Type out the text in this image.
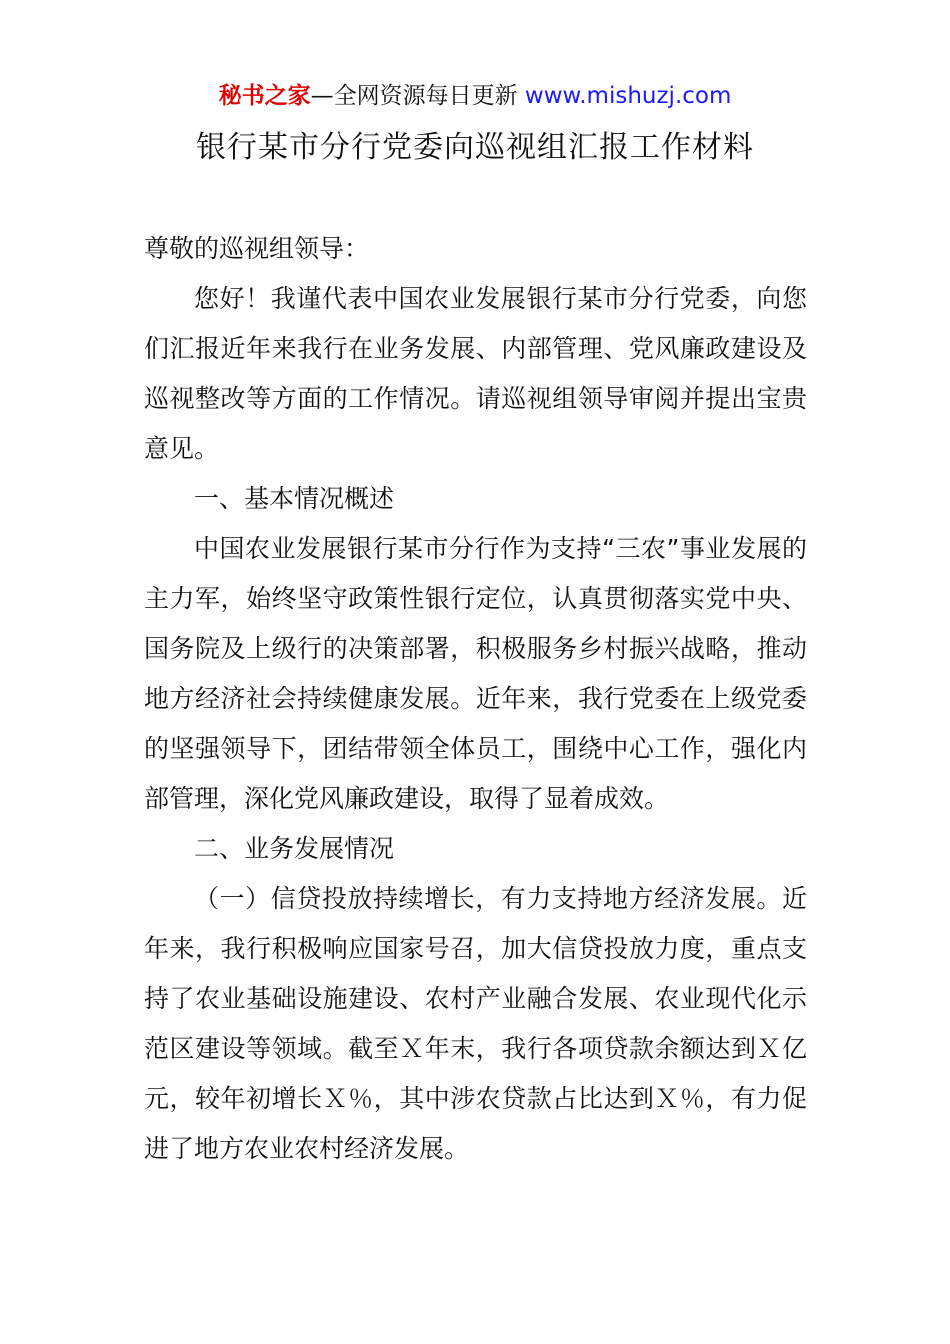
秘书之家—全网资源每日更新 www.mishuzj.com
银行某市分行党委向巡视组汇报工作材料

尊敬的巡视组领导：

您好！我谨代表中国农业发展银行某市分行党委，向您们汇报近年来我行在业务发展、内部管理、党风廉政建设及巡视整改等方面的工作情况。请巡视组领导审阅并提出宝贵意见。

一、基本情况概述

中国农业发展银行某市分行作为支持“三农”事业发展的主力军，始终坚守政策性银行定位，认真贯彻落实党中央、国务院及上级行的决策部署，积极服务乡村振兴战略，推动地方经济社会持续健康发展。近年来，我行党委在上级党委的坚强领导下，团结带领全体员工，围绕中心工作，强化内部管理，深化党风廉政建设，取得了显着成效。

二、业务发展情况

（一）信贷投放持续增长，有力支持地方经济发展。近年来，我行积极响应国家号召，加大信贷投放力度，重点支持了农业基础设施建设、农村产业融合发展、农业现代化示范区建设等领域。截至Ｘ年末，我行各项贷款余额达到Ｘ亿元，较年初增长Ｘ％，其中涉农贷款占比达到Ｘ％，有力促进了地方农业农村经济发展。
